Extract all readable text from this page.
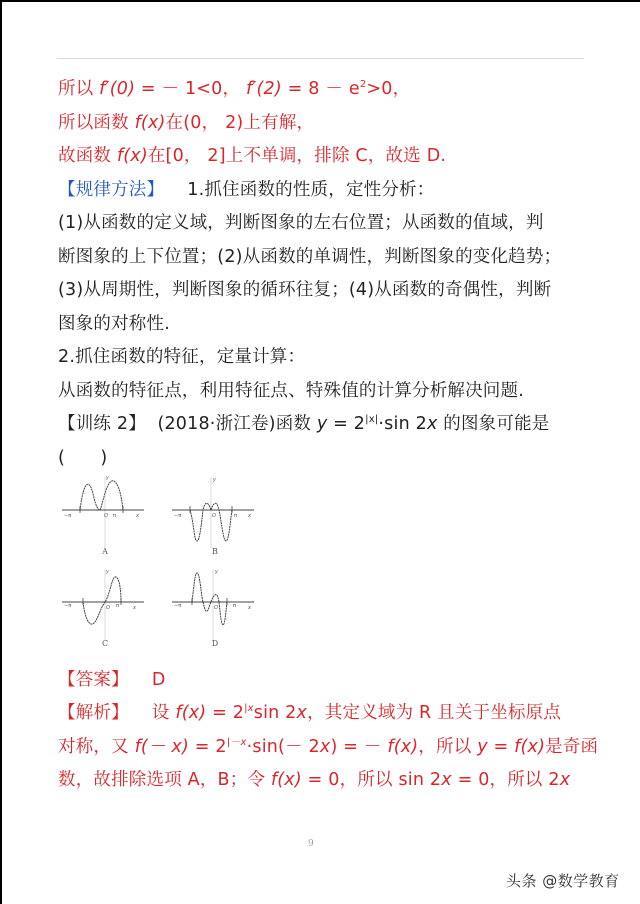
所以 f′(0) = － 1<0， $f'(2) = 8 - e^2>0$，
所以函数 f(x)在(0， 2)上有解，
故函数 f(x)在[0， 2]上不单调，排除 C，故选 D.
【规律方法】 1.抓住函数的性质，定性分析：
(1)从函数的定义域，判断图象的左右位置；从函数的值域，判
断图象的上下位置；(2)从函数的单调性，判断图象的变化趋势；
(3)从周期性，判断图象的循环往复；(4)从函数的奇偶性，判断
图象的对称性.
2.抓住函数的特征，定量计算：
从函数的特征点，利用特征点、特殊值的计算分析解决问题.
【训练 2】 (2018·浙江卷)函数 $y = 2^{|x|}\cdot\sin$ 2x 的图象可能是
(　　)
−π	O π	x
y
A
−π	O	π x
y
B
−π	O π	x
y
C
−π	O	π x
y
D
【答案】 D
【解析】 设 $f(x) = 2^{|x}\sin$ 2x，其定义域为 R 且关于坐标原点
对称，又 $f(- x) = 2^{|-x}\cdot\sin(- 2x)$ = － f(x)，所以 y = f(x)是奇函
数，故排除选项 A，B；令 f(x) = 0，所以 sin 2x = 0，所以 2x
9
头条 @数学教育
